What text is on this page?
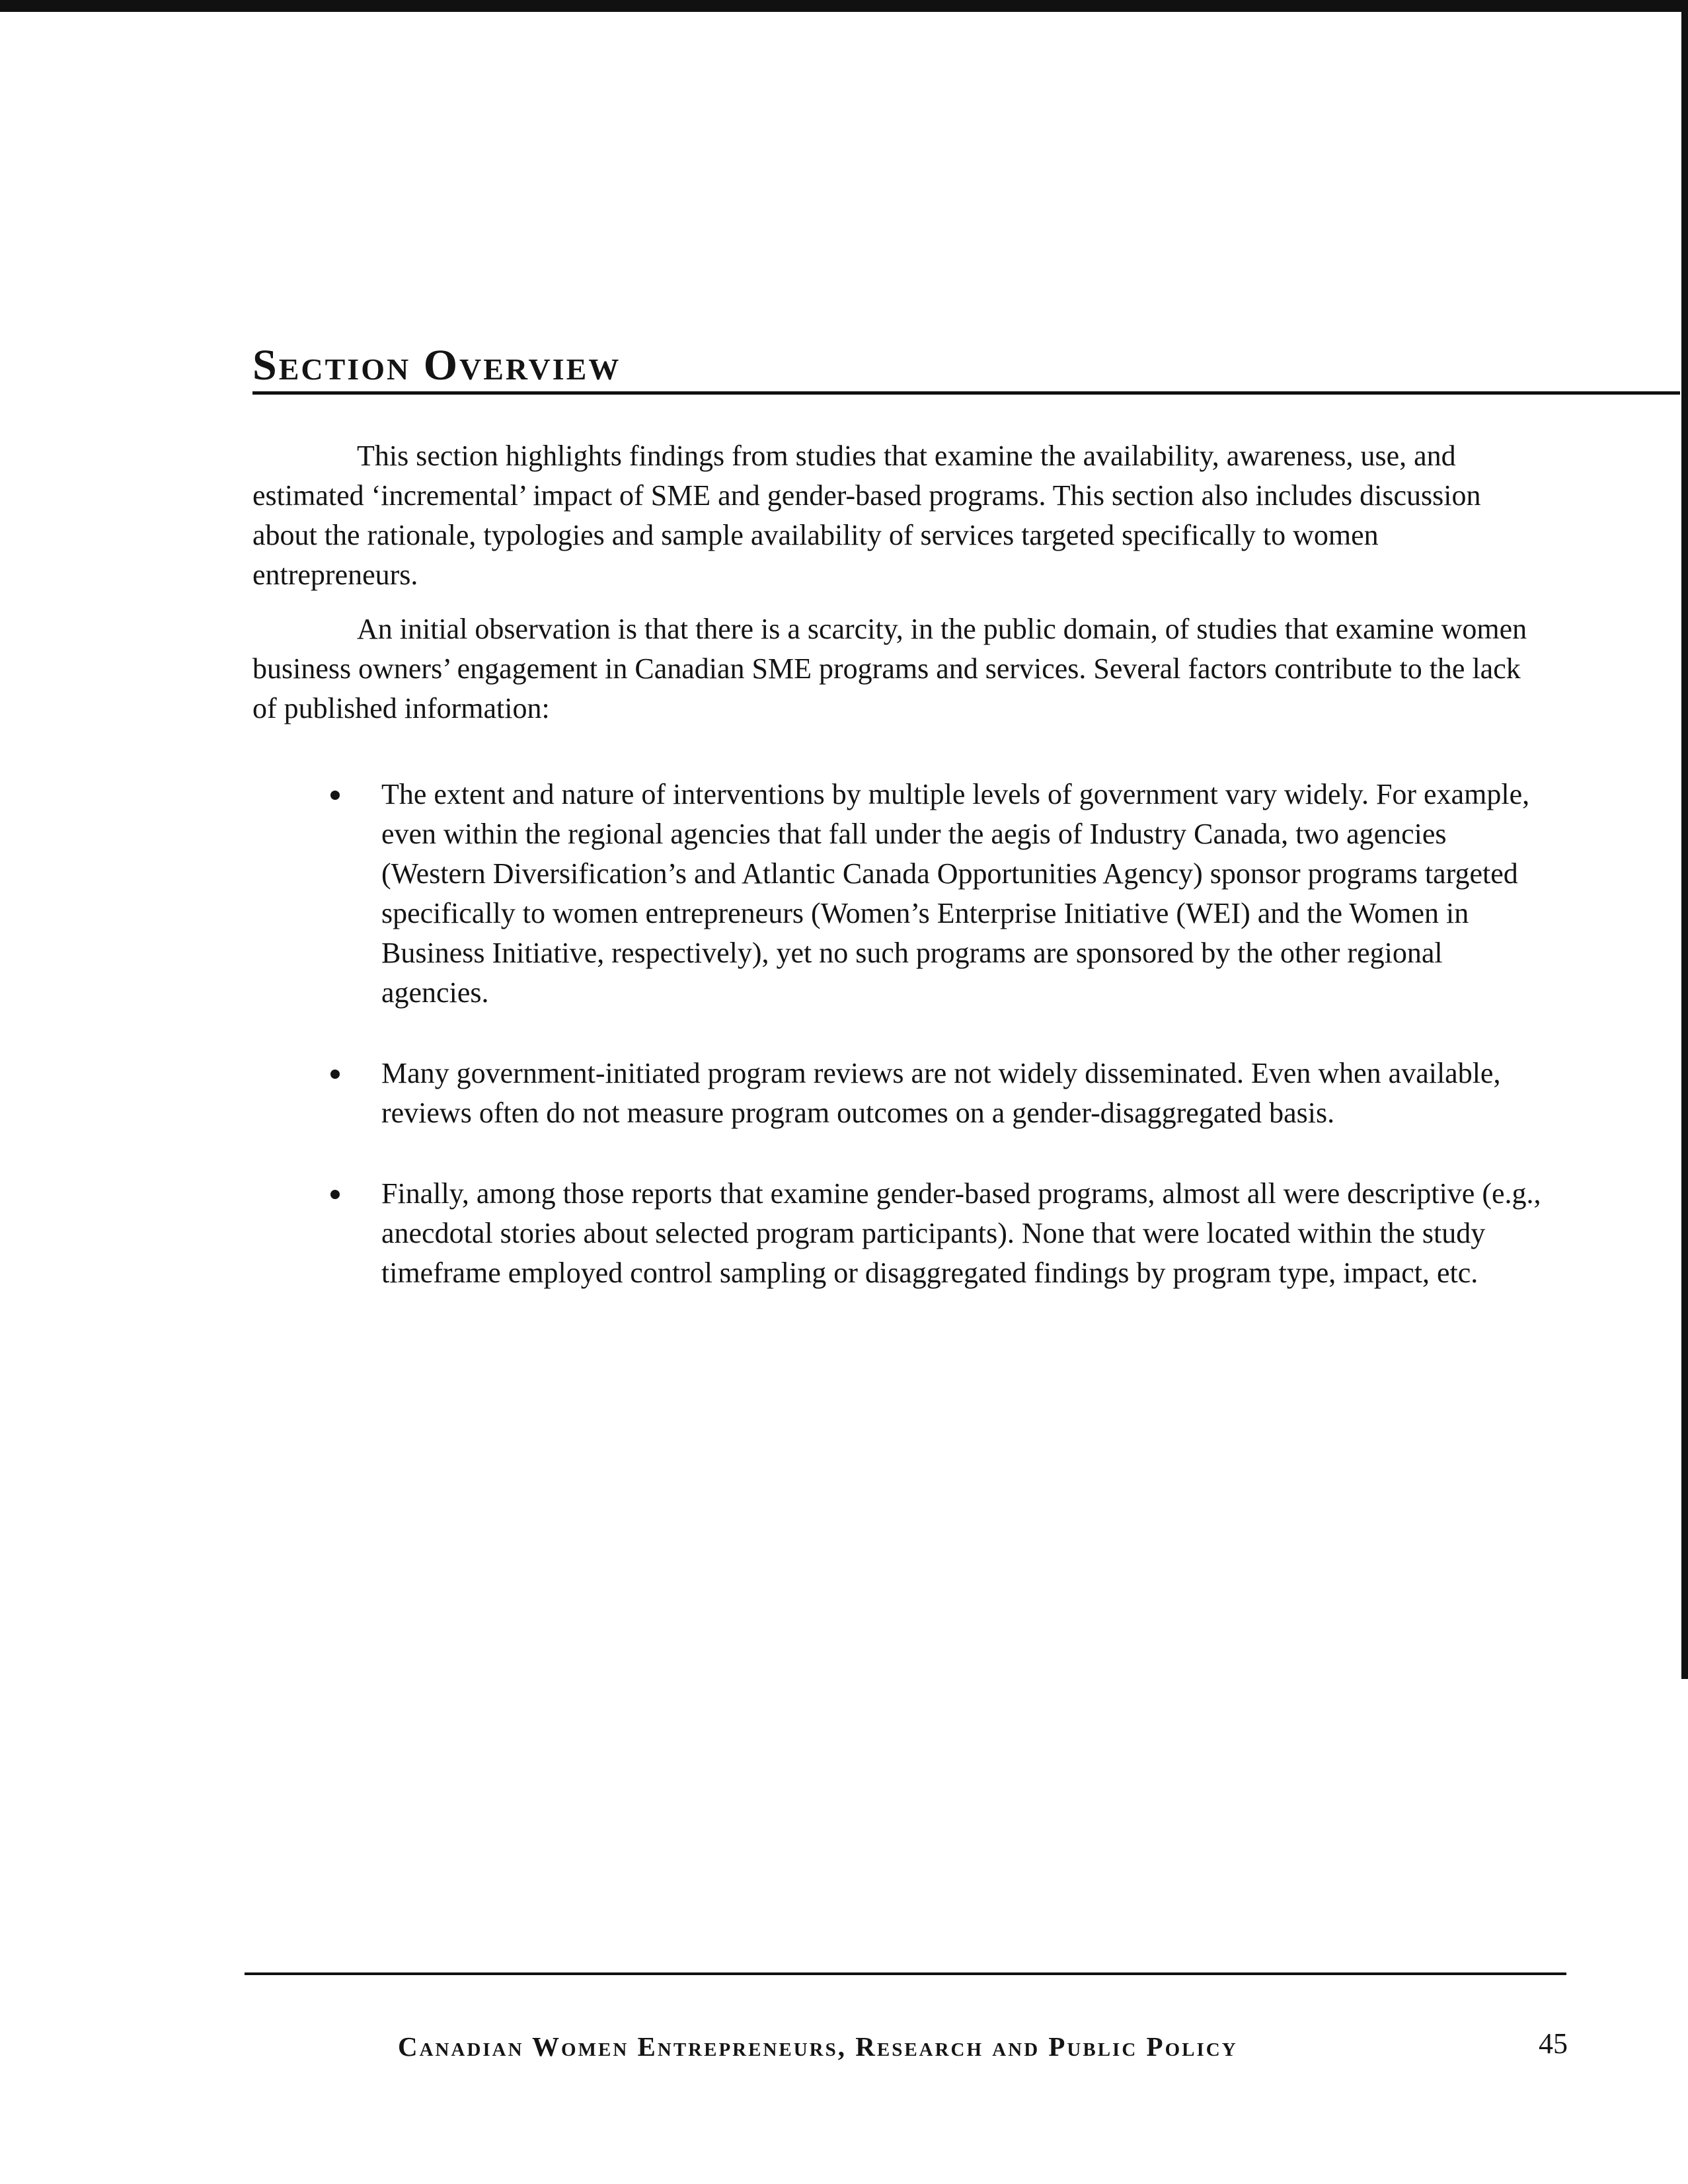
Section Overview

This section highlights findings from studies that examine the availability, awareness, use, and estimated ‘incremental’ impact of SME and gender-based programs. This section also includes discussion about the rationale, typologies and sample availability of services targeted specifically to women entrepreneurs.

An initial observation is that there is a scarcity, in the public domain, of studies that examine women business owners’ engagement in Canadian SME programs and services. Several factors contribute to the lack of published information:

The extent and nature of interventions by multiple levels of government vary widely. For example, even within the regional agencies that fall under the aegis of Industry Canada, two agencies (Western Diversification’s and Atlantic Canada Opportunities Agency) sponsor programs targeted specifically to women entrepreneurs (Women’s Enterprise Initiative (WEI) and the Women in Business Initiative, respectively), yet no such programs are sponsored by the other regional agencies.
Many government-initiated program reviews are not widely disseminated. Even when available, reviews often do not measure program outcomes on a gender-disaggregated basis.
Finally, among those reports that examine gender-based programs, almost all were descriptive (e.g., anecdotal stories about selected program participants). None that were located within the study timeframe employed control sampling or disaggregated findings by program type, impact, etc.
Canadian Women Entrepreneurs, Research and Public Policy	45
